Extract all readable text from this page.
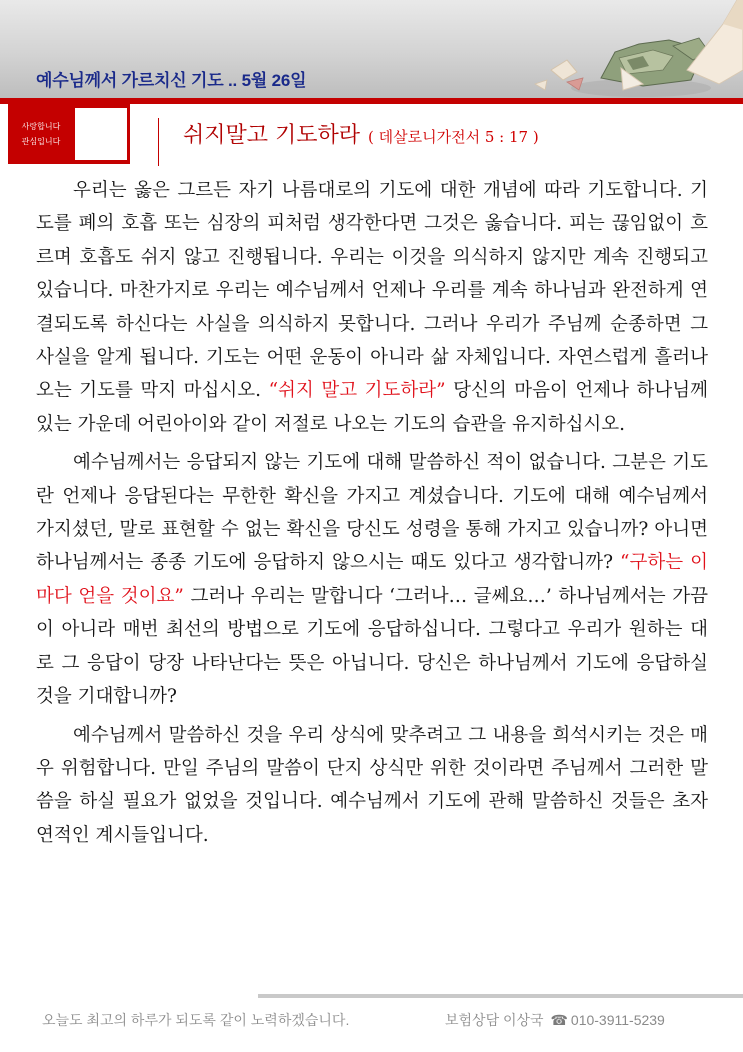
예수님께서 가르치신 기도 .. 5월 26일
사랑합니다
관심입니다	쉬지말고 기도하라 ( 데살로니가전서 5 : 17 )

우리는 옳은 그르든 자기 나름대로의 기도에 대한 개념에 따라 기도합니다. 기도를 폐의 호흡 또는 심장의 피처럼 생각한다면 그것은 옳습니다. 피는 끊임없이 흐르며 호흡도 쉬지 않고 진행됩니다. 우리는 이것을 의식하지 않지만 계속 진행되고 있습니다. 마찬가지로 우리는 예수님께서 언제나 우리를 계속 하나님과 완전하게 연결되도록 하신다는 사실을 의식하지 못합니다. 그러나 우리가 주님께 순종하면 그 사실을 알게 됩니다. 기도는 어떤 운동이 아니라 삶 자체입니다. 자연스럽게 흘러나오는 기도를 막지 마십시오. “쉬지 말고 기도하라” 당신의 마음이 언제나 하나님께 있는 가운데 어린아이와 같이 저절로 나오는 기도의 습관을 유지하십시오.

예수님께서는 응답되지 않는 기도에 대해 말씀하신 적이 없습니다. 그분은 기도란 언제나 응답된다는 무한한 확신을 가지고 계셨습니다. 기도에 대해 예수님께서 가지셨던, 말로 표현할 수 없는 확신을 당신도 성령을 통해 가지고 있습니까? 아니면 하나님께서는 종종 기도에 응답하지 않으시는 때도 있다고 생각합니까? “구하는 이마다 얻을 것이요” 그러나 우리는 말합니다 ‘그러나… 글쎄요…’ 하나님께서는 가끔이 아니라 매번 최선의 방법으로 기도에 응답하십니다. 그렇다고 우리가 원하는 대로 그 응답이 당장 나타난다는 뜻은 아닙니다. 당신은 하나님께서 기도에 응답하실 것을 기대합니까?

예수님께서 말씀하신 것을 우리 상식에 맞추려고 그 내용을 희석시키는 것은 매우 위험합니다. 만일 주님의 말씀이 단지 상식만 위한 것이라면 주님께서 그러한 말씀을 하실 필요가 없었을 것입니다. 예수님께서 기도에 관해 말씀하신 것들은 초자연적인 계시들입니다.

오늘도 최고의 하루가 되도록 같이 노력하겠습니다.	보험상담 이상국 ☎ 010-3911-5239
